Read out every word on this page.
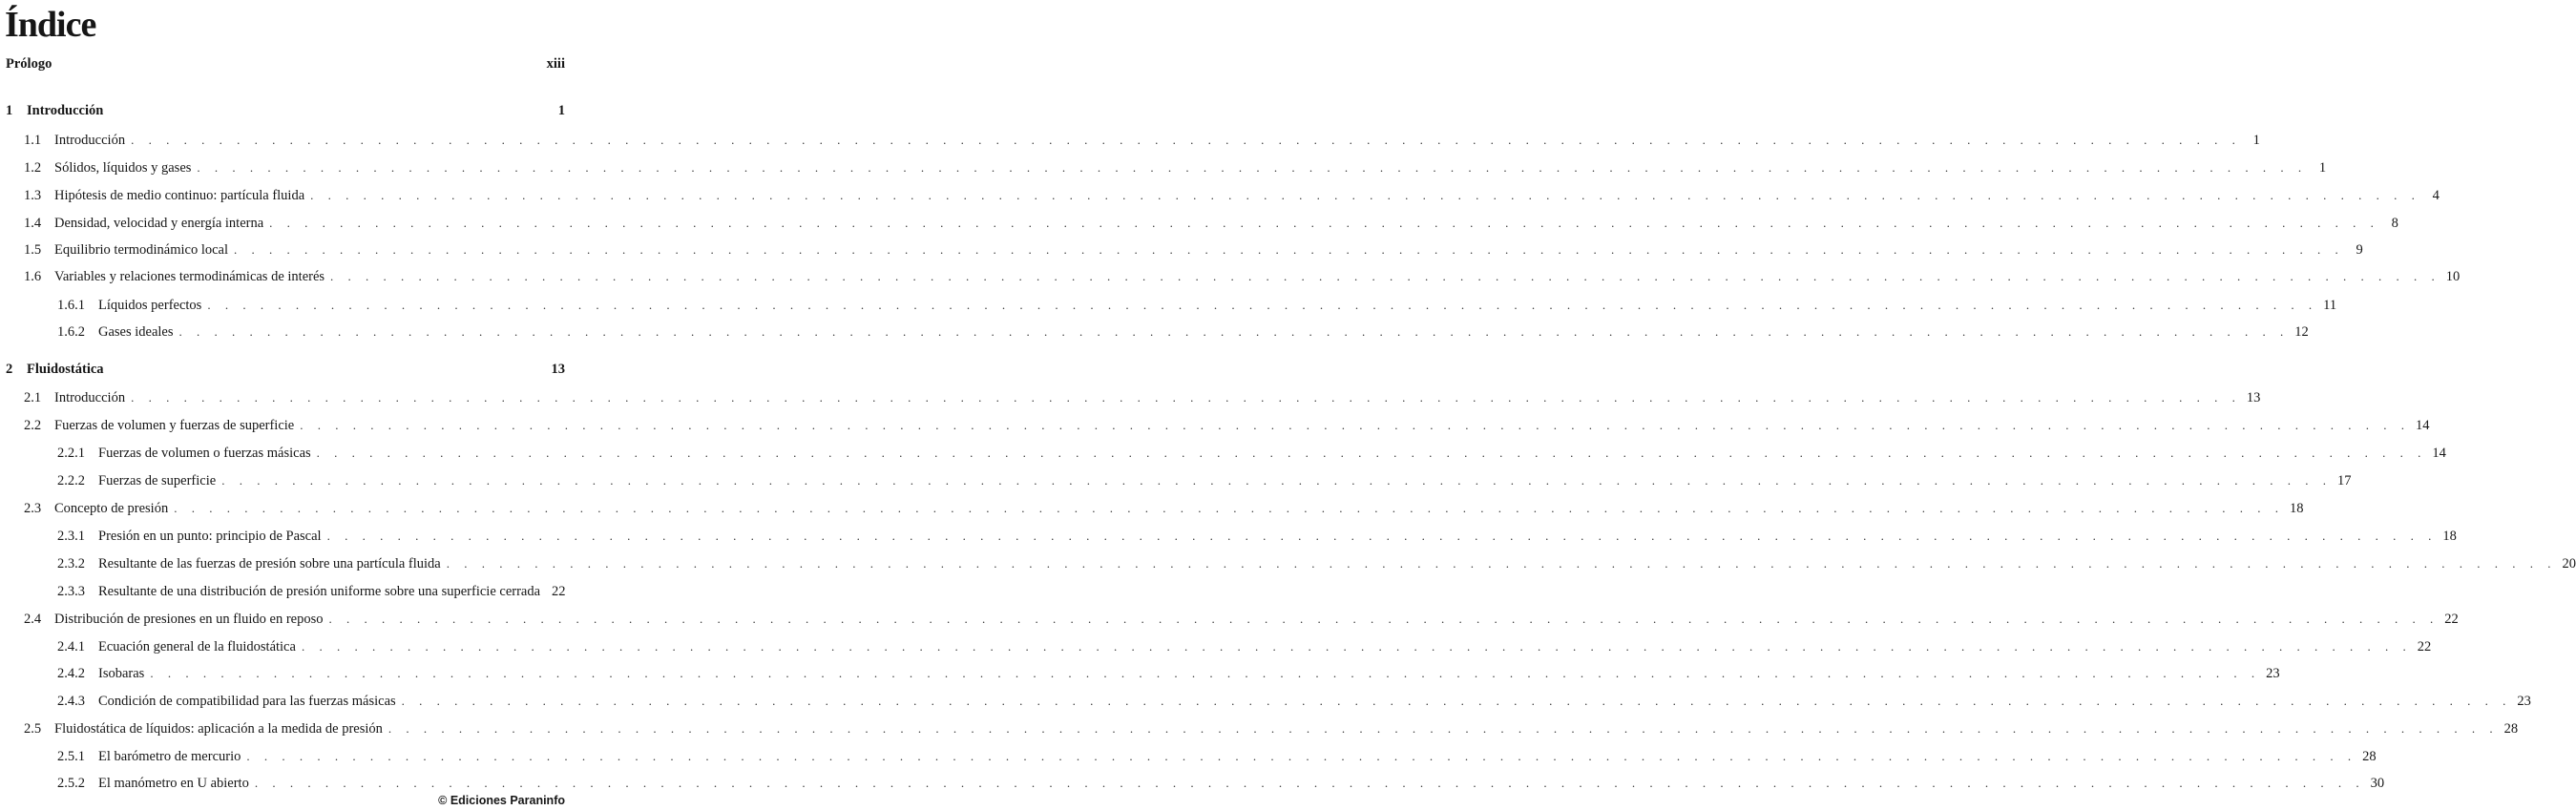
Índice
Prólogo	xiii
1	Introducción	1
1.1 Introducción . . . . . . . . . . . . . . . . . . . . . . . . . . . . . . . . . . . . . . . . . . . . . . . . . . . . . . . . . . . . . . . . . . . . . . . . . . . . . . . . . . . . . . . . . . . . . . . . . . . . . . . . . . . . . . . . . . . . . . . . 1
1.2 Sólidos, líquidos y gases . . . . . . . . . . . . . . . . . . . . . . . . . . . . . . . . . . . . . . . . . . . . . . . . . . . . . . . . . . . . . . . . . . . . . . . . . . . . . . . . . . . . . . . . . . . . . . . . . . . . . . . . . . . . . . . . . . . . . . . . 1
1.3 Hipótesis de medio continuo: partícula fluida . . . . . . . . . . . . . . . . . . . . . . . . . . . . . . . . . . . . . . . . . . . . . . . . . . . . . . . . . . . . . . . . . . . . . . . . . . . . . . . . . . . . . . . . . . . . . . . . . . . . . . . . . . . . . . . . . . . . . . . . 4
1.4 Densidad, velocidad y energía interna . . . . . . . . . . . . . . . . . . . . . . . . . . . . . . . . . . . . . . . . . . . . . . . . . . . . . . . . . . . . . . . . . . . . . . . . . . . . . . . . . . . . . . . . . . . . . . . . . . . . . . . . . . . . . . . . . . . . . . . . 8
1.5 Equilibrio termodinámico local . . . . . . . . . . . . . . . . . . . . . . . . . . . . . . . . . . . . . . . . . . . . . . . . . . . . . . . . . . . . . . . . . . . . . . . . . . . . . . . . . . . . . . . . . . . . . . . . . . . . . . . . . . . . . . . . . . . . . . . . 9
1.6 Variables y relaciones termodinámicas de interés . . . . . . . . . . . . . . . . . . . . . . . . . . . . . . . . . . . . . . . . . . . . . . . . . . . . . . . . . . . . . . . . . . . . . . . . . . . . . . . . . . . . . . . . . . . . . . . . . . . . . . . . . . . . . . . . . . . . . . . . 10
1.6.1 Líquidos perfectos . . . . . . . . . . . . . . . . . . . . . . . . . . . . . . . . . . . . . . . . . . . . . . . . . . . . . . . . . . . . . . . . . . . . . . . . . . . . . . . . . . . . . . . . . . . . . . . . . . . . . . . . . . . . . . . . . . . . . . . . 11
1.6.2 Gases ideales . . . . . . . . . . . . . . . . . . . . . . . . . . . . . . . . . . . . . . . . . . . . . . . . . . . . . . . . . . . . . . . . . . . . . . . . . . . . . . . . . . . . . . . . . . . . . . . . . . . . . . . . . . . . . . . . . . . . . . . . 12
2	Fluidostática	13
2.1 Introducción . . . . . . . . . . . . . . . . . . . . . . . . . . . . . . . . . . . . . . . . . . . . . . . . . . . . . . . . . . . . . . . . . . . . . . . . . . . . . . . . . . . . . . . . . . . . . . . . . . . . . . . . . . . . . . . . . . . . . . . . 13
2.2 Fuerzas de volumen y fuerzas de superficie . . . . . . . . . . . . . . . . . . . . . . . . . . . . . . . . . . . . . . . . . . . . . . . . . . . . . . . . . . . . . . . . . . . . . . . . . . . . . . . . . . . . . . . . . . . . . . . . . . . . . . . . . . . . . . . . . . . . . . . . 14
2.2.1 Fuerzas de volumen o fuerzas másicas . . . . . . . . . . . . . . . . . . . . . . . . . . . . . . . . . . . . . . . . . . . . . . . . . . . . . . . . . . . . . . . . . . . . . . . . . . . . . . . . . . . . . . . . . . . . . . . . . . . . . . . . . . . . . . . . . . . . . . . . 14
2.2.2 Fuerzas de superficie . . . . . . . . . . . . . . . . . . . . . . . . . . . . . . . . . . . . . . . . . . . . . . . . . . . . . . . . . . . . . . . . . . . . . . . . . . . . . . . . . . . . . . . . . . . . . . . . . . . . . . . . . . . . . . . . . . . . . . . . 17
2.3 Concepto de presión . . . . . . . . . . . . . . . . . . . . . . . . . . . . . . . . . . . . . . . . . . . . . . . . . . . . . . . . . . . . . . . . . . . . . . . . . . . . . . . . . . . . . . . . . . . . . . . . . . . . . . . . . . . . . . . . . . . . . . . . 18
2.3.1 Presión en un punto: principio de Pascal . . . . . . . . . . . . . . . . . . . . . . . . . . . . . . . . . . . . . . . . . . . . . . . . . . . . . . . . . . . . . . . . . . . . . . . . . . . . . . . . . . . . . . . . . . . . . . . . . . . . . . . . . . . . . . . . . . . . . . . . 18
2.3.2 Resultante de las fuerzas de presión sobre una partícula fluida . . . . . . . . . . . . . . . . . . . . . . . . . . . . . . . . . . . . . . . . . . . . . . . . . . . . . . . . . . . . . . . . . . . . . . . . . . . . . . . . . . . . . . . . . . . . . . . . . . . . . . . . . . . . . . . . . . . . . . . . 20
2.3.3 Resultante de una distribución de presión uniforme sobre una superficie cerrada 22
2.4 Distribución de presiones en un fluido en reposo . . . . . . . . . . . . . . . . . . . . . . . . . . . . . . . . . . . . . . . . . . . . . . . . . . . . . . . . . . . . . . . . . . . . . . . . . . . . . . . . . . . . . . . . . . . . . . . . . . . . . . . . . . . . . . . . . . . . . . . . 22
2.4.1 Ecuación general de la fluidostática . . . . . . . . . . . . . . . . . . . . . . . . . . . . . . . . . . . . . . . . . . . . . . . . . . . . . . . . . . . . . . . . . . . . . . . . . . . . . . . . . . . . . . . . . . . . . . . . . . . . . . . . . . . . . . . . . . . . . . . . 22
2.4.2 Isobaras . . . . . . . . . . . . . . . . . . . . . . . . . . . . . . . . . . . . . . . . . . . . . . . . . . . . . . . . . . . . . . . . . . . . . . . . . . . . . . . . . . . . . . . . . . . . . . . . . . . . . . . . . . . . . . . . . . . . . . . . 23
2.4.3 Condición de compatibilidad para las fuerzas másicas . . . . . . . . . . . . . . . . . . . . . . . . . . . . . . . . . . . . . . . . . . . . . . . . . . . . . . . . . . . . . . . . . . . . . . . . . . . . . . . . . . . . . . . . . . . . . . . . . . . . . . . . . . . . . . . . . . . . . . . . 23
2.5 Fluidostática de líquidos: aplicación a la medida de presión . . . . . . . . . . . . . . . . . . . . . . . . . . . . . . . . . . . . . . . . . . . . . . . . . . . . . . . . . . . . . . . . . . . . . . . . . . . . . . . . . . . . . . . . . . . . . . . . . . . . . . . . . . . . . . . . . . . . . . . . 28
2.5.1 El barómetro de mercurio . . . . . . . . . . . . . . . . . . . . . . . . . . . . . . . . . . . . . . . . . . . . . . . . . . . . . . . . . . . . . . . . . . . . . . . . . . . . . . . . . . . . . . . . . . . . . . . . . . . . . . . . . . . . . . . . . . . . . . . . 28
2.5.2 El manómetro en U abierto . . . . . . . . . . . . . . . . . . . . . . . . . . . . . . . . . . . . . . . . . . . . . . . . . . . . . . . . . . . . . . . . . . . . . . . . . . . . . . . . . . . . . . . . . . . . . . . . . . . . . . . . . . . . . . . . . . . . . . . . 30
© Ediciones Paraninfo
